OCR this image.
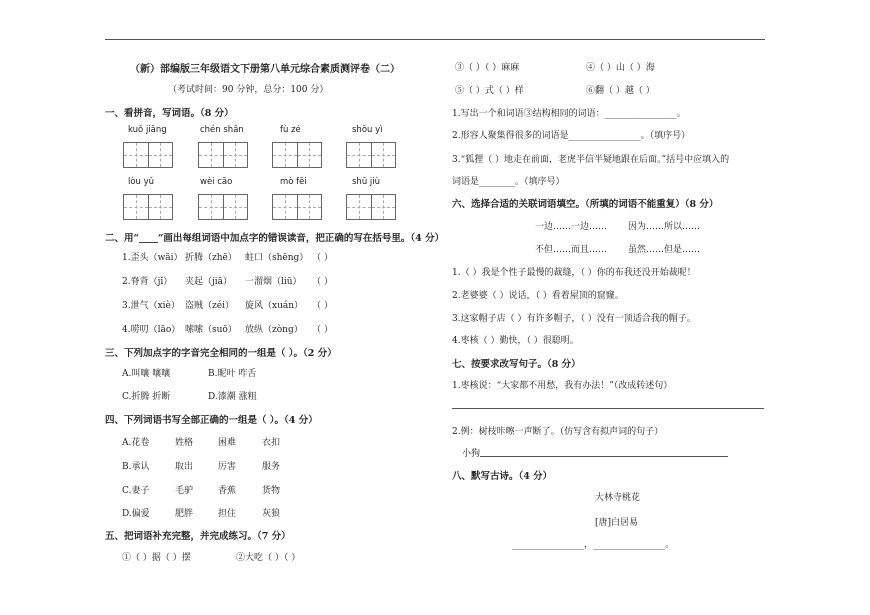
（新）部编版三年级语文下册第八单元综合素质测评卷（二）
（考试时间：90 分钟，总分：100 分）
一、看拼音，写词语。（8 分）
kuǒ jiǎng	chén shān	fù zé	shǒu yì
lòu yǔ	wèi cāo	mò fēi	shū jiù
二、用“____”画出每组词语中加点字的错误读音，把正确的写在括号里。（4 分）
1.歪头（wāi） 折腾（zhē） 蛀口（shēng） （ ）
2.脊背（jǐ） 夹起（jiā） 一溜烟（liū） （ ）
3.泄气（xiè） 盗贼（zéi） 旋风（xuán） （ ）
4.唠叨（lāo） 嗦嗦（suō） 放纵（zòng） （ ）
三、下列加点字的字音完全相同的一组是（ ）。（2 分）
A.叫嚷 嚷嚷	B.昵叶 咋舌
C.折腾 折断	D.漆潮 涨粗
四、下列词语书写全部正确的一组是（ ）。（4 分）
A.花卷	姓格	困难	衣扣
B.承认	取出	厉害	服务
C.妻子	毛驴	香蕉	货物
D.偏爱	肥胖	担住	灰狼
五、把词语补充完整，并完成练习。（7 分）
①（ ）据（ ）摆	②大吃（ ）（ ）
③（ ）（ ）麻麻	④（ ）山（ ）海
⑤（ ）式（ ）样	⑥翻（ ）越（ ）
1.写出一个和词语③结构相同的词语：________________。
2.形容人聚集得很多的词语是________________。（填序号）
3.“狐狸（ ）地走在前面，老虎半信半疑地跟在后面。”括号中应填入的
词语是________。（填序号）
六、选择合适的关联词语填空。（所填的词语不能重复）（8 分）
一边……一边…… 因为……所以……
不但……而且…… 虽然……但是……
1.（ ）我是个性子最慢的裁缝，（ ）你的布我还没开始裁呢！
2.老婆婆（ ）说话，（ ）看着屋顶的窟窿。
3.这家帽子店（ ）有许多帽子，（ ）没有一顶适合我的帽子。
4.枣核（ ）勤快，（ ）很聪明。
七、按要求改写句子。（8 分）
1.枣核说：“大家都不用愁，我有办法！”（改成转述句）
2.例：树枝咔嚓一声断了。（仿写含有拟声词的句子）
小狗
八、默写古诗。（4 分）
大林寺桃花
[唐]白居易
________________，________________。
